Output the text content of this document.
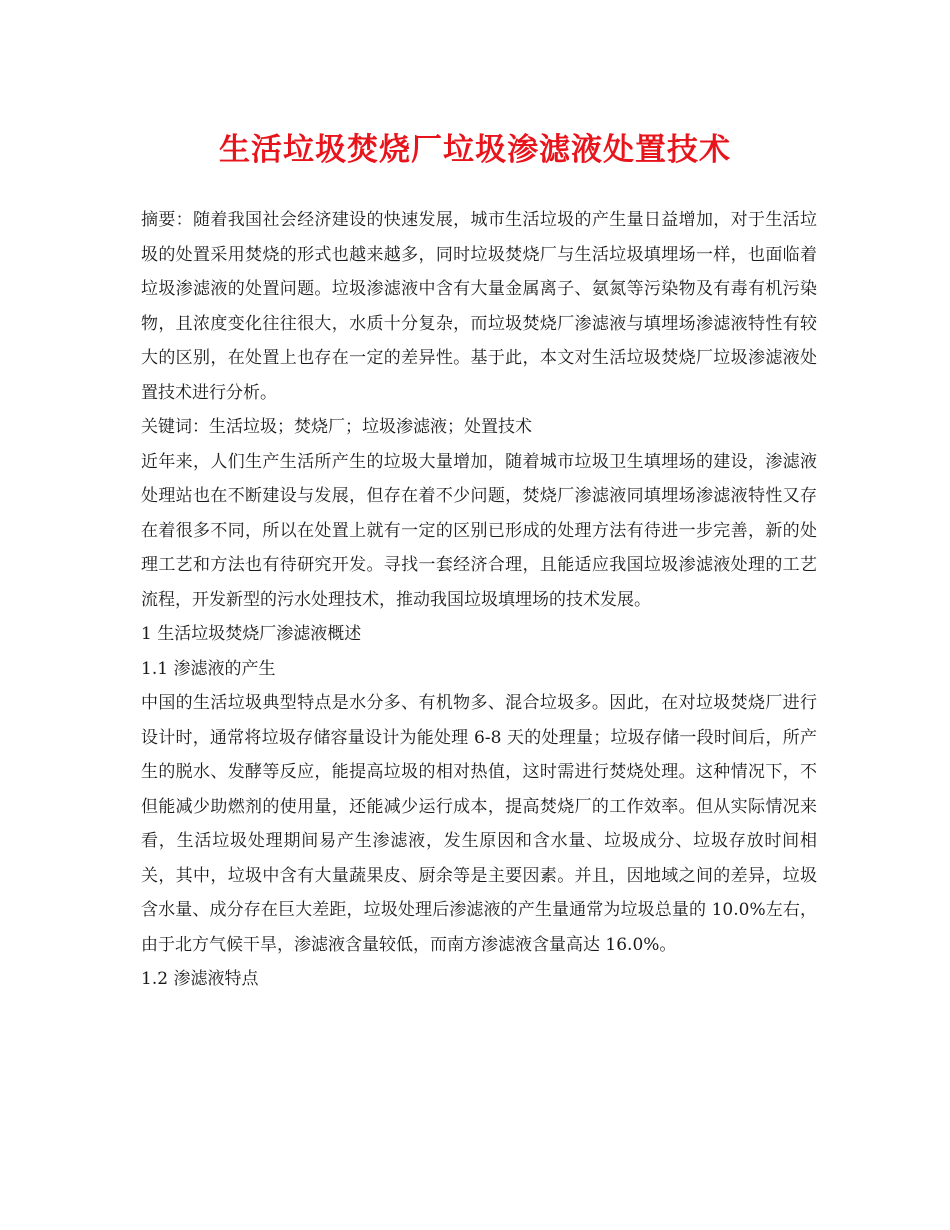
生活垃圾焚烧厂垃圾渗滤液处置技术

摘要：随着我国社会经济建设的快速发展，城市生活垃圾的产生量日益增加，对于生活垃圾的处置采用焚烧的形式也越来越多，同时垃圾焚烧厂与生活垃圾填埋场一样，也面临着垃圾渗滤液的处置问题。垃圾渗滤液中含有大量金属离子、氨氮等污染物及有毒有机污染物，且浓度变化往往很大，水质十分复杂，而垃圾焚烧厂渗滤液与填埋场渗滤液特性有较大的区别，在处置上也存在一定的差异性。基于此，本文对生活垃圾焚烧厂垃圾渗滤液处置技术进行分析。

关键词：生活垃圾；焚烧厂；垃圾渗滤液；处置技术

近年来，人们生产生活所产生的垃圾大量增加，随着城市垃圾卫生填埋场的建设，渗滤液处理站也在不断建设与发展，但存在着不少问题，焚烧厂渗滤液同填埋场渗滤液特性又存在着很多不同，所以在处置上就有一定的区别已形成的处理方法有待进一步完善，新的处理工艺和方法也有待研究开发。寻找一套经济合理，且能适应我国垃圾渗滤液处理的工艺流程，开发新型的污水处理技术，推动我国垃圾填埋场的技术发展。

1 生活垃圾焚烧厂渗滤液概述

1.1 渗滤液的产生

中国的生活垃圾典型特点是水分多、有机物多、混合垃圾多。因此，在对垃圾焚烧厂进行设计时，通常将垃圾存储容量设计为能处理 6-8 天的处理量；垃圾存储一段时间后，所产生的脱水、发酵等反应，能提高垃圾的相对热值，这时需进行焚烧处理。这种情况下，不但能减少助燃剂的使用量，还能减少运行成本，提高焚烧厂的工作效率。但从实际情况来看，生活垃圾处理期间易产生渗滤液，发生原因和含水量、垃圾成分、垃圾存放时间相关，其中，垃圾中含有大量蔬果皮、厨余等是主要因素。并且，因地域之间的差异，垃圾含水量、成分存在巨大差距，垃圾处理后渗滤液的产生量通常为垃圾总量的 10.0%左右，由于北方气候干旱，渗滤液含量较低，而南方渗滤液含量高达 16.0%。

1.2 渗滤液特点
